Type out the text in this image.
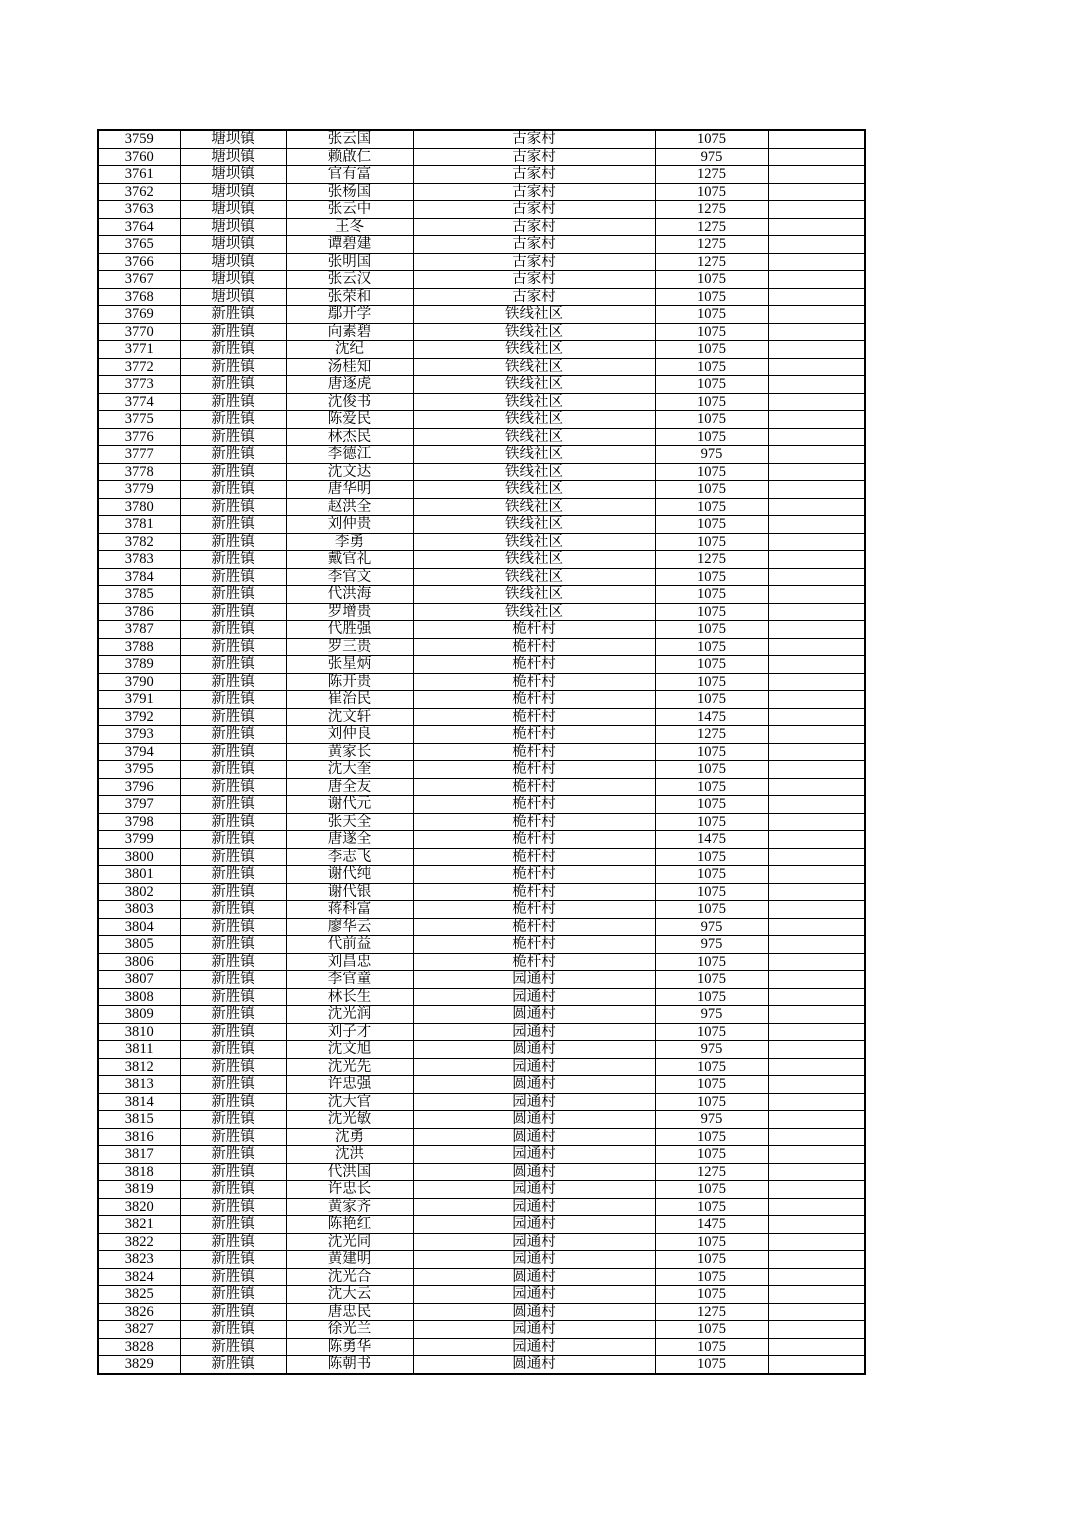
3759	塘坝镇	张云国	古家村	1075	
3760	塘坝镇	赖啟仁	古家村	975	
3761	塘坝镇	官有富	古家村	1275	
3762	塘坝镇	张杨国	古家村	1075	
3763	塘坝镇	张云中	古家村	1275	
3764	塘坝镇	王冬	古家村	1275	
3765	塘坝镇	谭碧建	古家村	1275	
3766	塘坝镇	张明国	古家村	1275	
3767	塘坝镇	张云汉	古家村	1075	
3768	塘坝镇	张荣和	古家村	1075	
3769	新胜镇	鄢开学	铁线社区	1075	
3770	新胜镇	向素碧	铁线社区	1075	
3771	新胜镇	沈纪	铁线社区	1075	
3772	新胜镇	汤桂知	铁线社区	1075	
3773	新胜镇	唐逐虎	铁线社区	1075	
3774	新胜镇	沈俊书	铁线社区	1075	
3775	新胜镇	陈爱民	铁线社区	1075	
3776	新胜镇	林杰民	铁线社区	1075	
3777	新胜镇	李德江	铁线社区	975	
3778	新胜镇	沈文达	铁线社区	1075	
3779	新胜镇	唐华明	铁线社区	1075	
3780	新胜镇	赵洪全	铁线社区	1075	
3781	新胜镇	刘仲贵	铁线社区	1075	
3782	新胜镇	李勇	铁线社区	1075	
3783	新胜镇	戴官礼	铁线社区	1275	
3784	新胜镇	李官文	铁线社区	1075	
3785	新胜镇	代洪海	铁线社区	1075	
3786	新胜镇	罗增贵	铁线社区	1075	
3787	新胜镇	代胜强	桅杆村	1075	
3788	新胜镇	罗三贵	桅杆村	1075	
3789	新胜镇	张星炳	桅杆村	1075	
3790	新胜镇	陈开贵	桅杆村	1075	
3791	新胜镇	崔治民	桅杆村	1075	
3792	新胜镇	沈文轩	桅杆村	1475	
3793	新胜镇	刘仲良	桅杆村	1275	
3794	新胜镇	黄家长	桅杆村	1075	
3795	新胜镇	沈大奎	桅杆村	1075	
3796	新胜镇	唐全友	桅杆村	1075	
3797	新胜镇	谢代元	桅杆村	1075	
3798	新胜镇	张天全	桅杆村	1075	
3799	新胜镇	唐遂全	桅杆村	1475	
3800	新胜镇	李志飞	桅杆村	1075	
3801	新胜镇	谢代纯	桅杆村	1075	
3802	新胜镇	谢代银	桅杆村	1075	
3803	新胜镇	蒋科富	桅杆村	1075	
3804	新胜镇	廖华云	桅杆村	975	
3805	新胜镇	代前益	桅杆村	975	
3806	新胜镇	刘昌忠	桅杆村	1075	
3807	新胜镇	李官童	园通村	1075	
3808	新胜镇	林长生	园通村	1075	
3809	新胜镇	沈光润	圆通村	975	
3810	新胜镇	刘子才	园通村	1075	
3811	新胜镇	沈文旭	圆通村	975	
3812	新胜镇	沈光先	园通村	1075	
3813	新胜镇	许忠强	圆通村	1075	
3814	新胜镇	沈大官	园通村	1075	
3815	新胜镇	沈光敏	圆通村	975	
3816	新胜镇	沈勇	圆通村	1075	
3817	新胜镇	沈洪	园通村	1075	
3818	新胜镇	代洪国	圆通村	1275	
3819	新胜镇	许忠长	园通村	1075	
3820	新胜镇	黄家齐	园通村	1075	
3821	新胜镇	陈艳红	园通村	1475	
3822	新胜镇	沈光同	园通村	1075	
3823	新胜镇	黄建明	园通村	1075	
3824	新胜镇	沈光合	圆通村	1075	
3825	新胜镇	沈大云	园通村	1075	
3826	新胜镇	唐忠民	圆通村	1275	
3827	新胜镇	徐光兰	园通村	1075	
3828	新胜镇	陈勇华	园通村	1075	
3829	新胜镇	陈朝书	圆通村	1075	
